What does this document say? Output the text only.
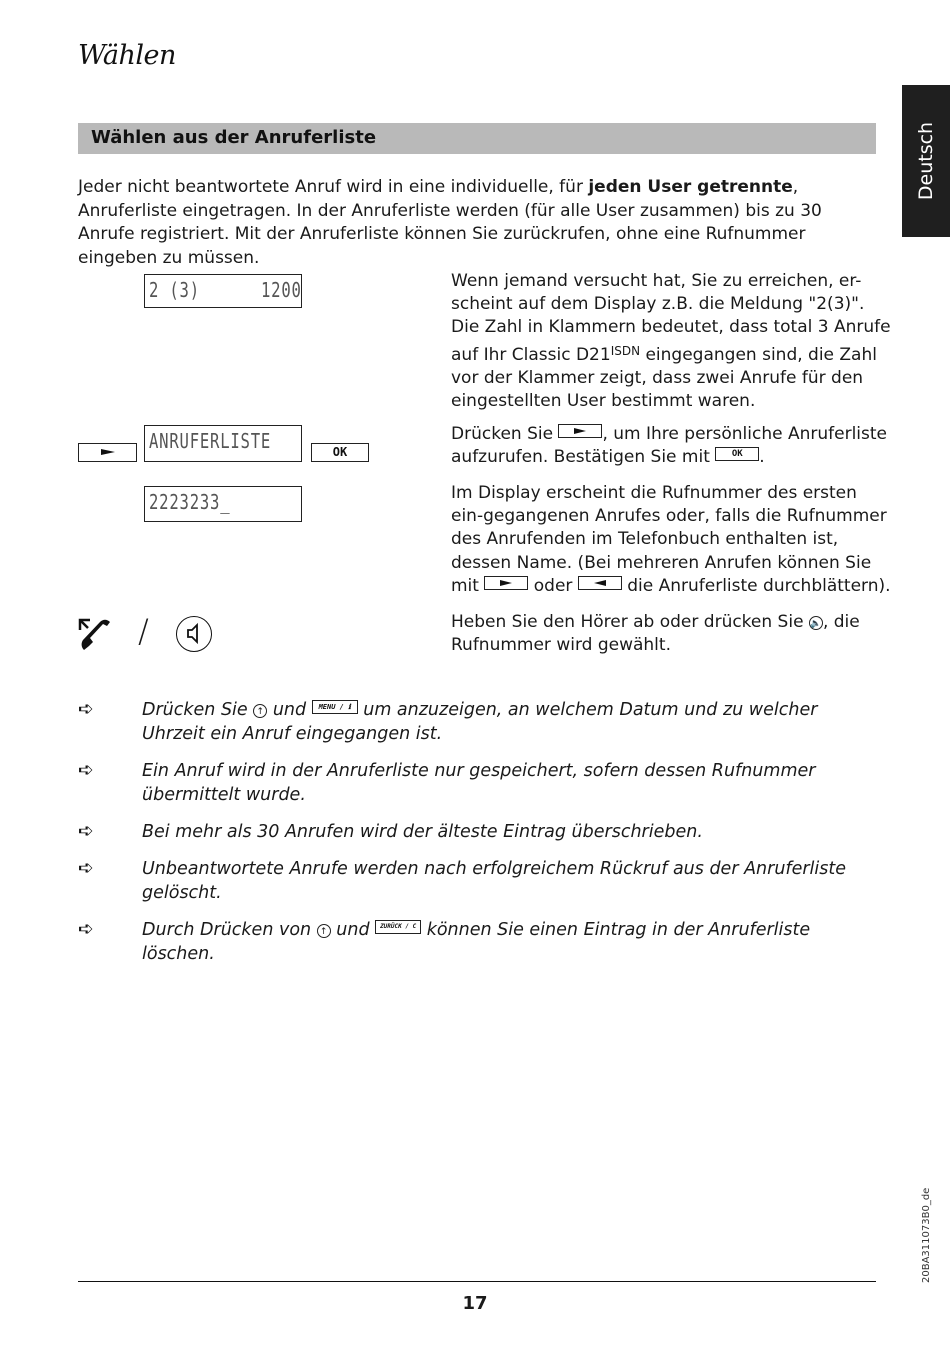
Wählen
Deutsch
Wählen aus der Anruferliste
Jeder nicht beantwortete Anruf wird in eine individuelle, für jeden User getrennte, Anruferliste eingetragen. In der Anruferliste werden (für alle User zusammen) bis zu 30 Anrufe registriert. Mit der Anruferliste können Sie zurückrufen, ohne eine Rufnummer eingeben zu müssen.
2 (3)	1200
ANRUFERLISTE	OK
2223233_
/
Wenn jemand versucht hat, Sie zu erreichen, er-scheint auf dem Display z.B. die Meldung "2(3)". Die Zahl in Klammern bedeutet, dass total 3 Anrufe auf Ihr Classic $D21^{ISDN}$ eingegangen sind, die Zahl vor der Klammer zeigt, dass zwei Anrufe für den eingestellten User bestimmt waren.
Drücken Sie	, um Ihre persönliche Anruferliste aufzurufen. Bestätigen Sie mit	OK .
Im Display erscheint die Rufnummer des ersten ein-gegangenen Anrufes oder, falls die Rufnummer des Anrufenden im Telefonbuch enthalten ist, dessen Name. (Bei mehreren Anrufen können Sie mit	oder	die Anruferliste durchblättern).
Heben Sie den Hörer ab oder drücken Sie 🔈, die Rufnummer wird gewählt.
➪	Drücken Sie ↑ und MENU / ℹ um anzuzeigen, an welchem Datum und zu welcher Uhrzeit ein Anruf eingegangen ist.
➪	Ein Anruf wird in der Anruferliste nur gespeichert, sofern dessen Rufnummer übermittelt wurde.
➪	Bei mehr als 30 Anrufen wird der älteste Eintrag überschrieben.
➪	Unbeantwortete Anrufe werden nach erfolgreichem Rückruf aus der Anruferliste gelöscht.
➪	Durch Drücken von ↑ und ZURÜCK / C können Sie einen Eintrag in der Anruferliste löschen.
17
20BA311073B0_de
